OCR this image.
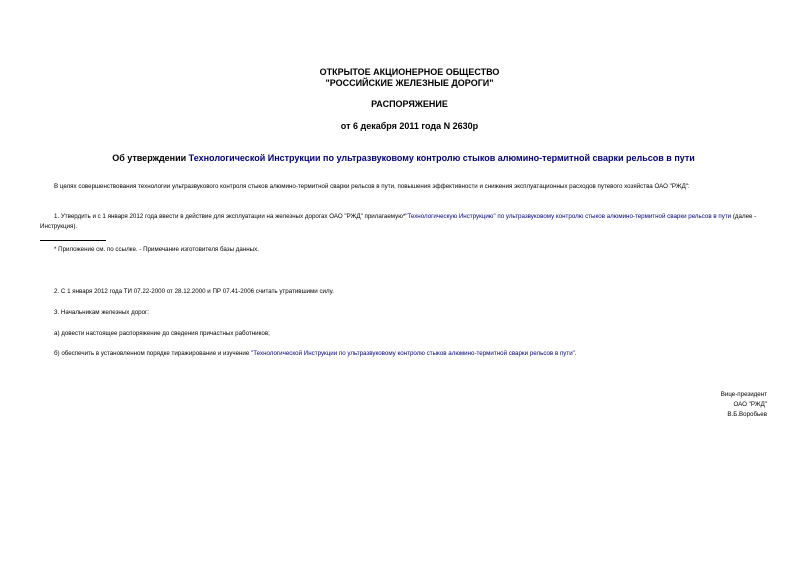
ОТКРЫТОЕ АКЦИОНЕРНОЕ ОБЩЕСТВО
"РОССИЙСКИЕ ЖЕЛЕЗНЫЕ ДОРОГИ"
РАСПОРЯЖЕНИЕ
от 6 декабря 2011 года N 2630р
Об утверждении Технологической Инструкции по ультразвуковому контролю стыков алюмино-термитной сварки рельсов в пути
В целях совершенствования технологии ультразвукового контроля стыков алюмино-термитной сварки рельсов в пути, повышения эффективности и снижения эксплуатационных расходов путевого хозяйства ОАО "РЖД":
1. Утвердить и с 1 января 2012 года ввести в действие для эксплуатации на железных дорогах ОАО "РЖД" прилагаемую*"Технологическую Инструкцию" по ультразвуковому контролю стыков алюмино-термитной сварки рельсов в пути (далее - Инструкция).
* Приложение см. по ссылке. - Примечание изготовителя базы данных.
2. С 1 января 2012 года ТИ 07.22-2000 от 28.12.2000 и ПР 07.41-2006 считать утратившими силу.
3. Начальникам железных дорог:
а) довести настоящее распоряжение до сведения причастных работников;
б) обеспечить в установленном порядке тиражирование и изучение "Технологической Инструкции по ультразвуковому контролю стыков алюмино-термитной сварки рельсов в пути".
Вице-президент
ОАО "РЖД"
В.Б.Воробьев
